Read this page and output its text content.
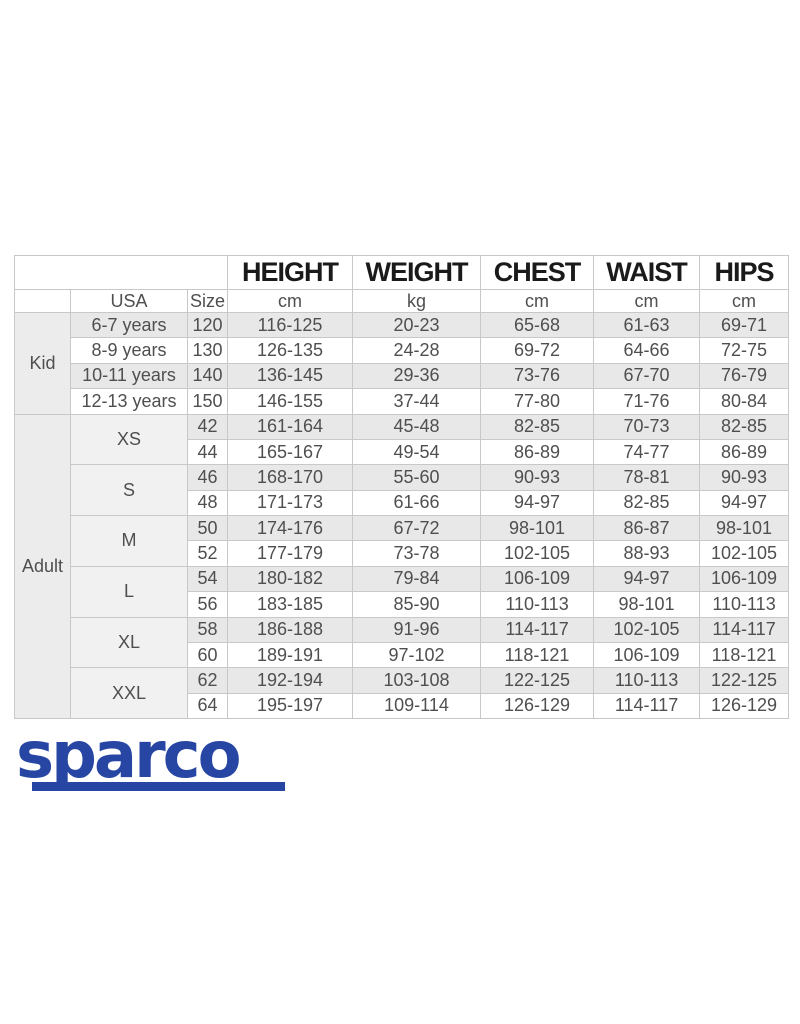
			HEIGHT	WEIGHT	CHEST	WAIST	HIPS
	USA	Size	cm	kg	cm	cm	cm
Kid	6-7 years	120	116-125	20-23	65-68	61-63	69-71
	8-9 years	130	126-135	24-28	69-72	64-66	72-75
	10-11 years	140	136-145	29-36	73-76	67-70	76-79
	12-13 years	150	146-155	37-44	77-80	71-76	80-84
Adult	XS	42	161-164	45-48	82-85	70-73	82-85
		44	165-167	49-54	86-89	74-77	86-89
	S	46	168-170	55-60	90-93	78-81	90-93
		48	171-173	61-66	94-97	82-85	94-97
	M	50	174-176	67-72	98-101	86-87	98-101
		52	177-179	73-78	102-105	88-93	102-105
	L	54	180-182	79-84	106-109	94-97	106-109
		56	183-185	85-90	110-113	98-101	110-113
	XL	58	186-188	91-96	114-117	102-105	114-117
		60	189-191	97-102	118-121	106-109	118-121
	XXL	62	192-194	103-108	122-125	110-113	122-125
		64	195-197	109-114	126-129	114-117	126-129
sparco
